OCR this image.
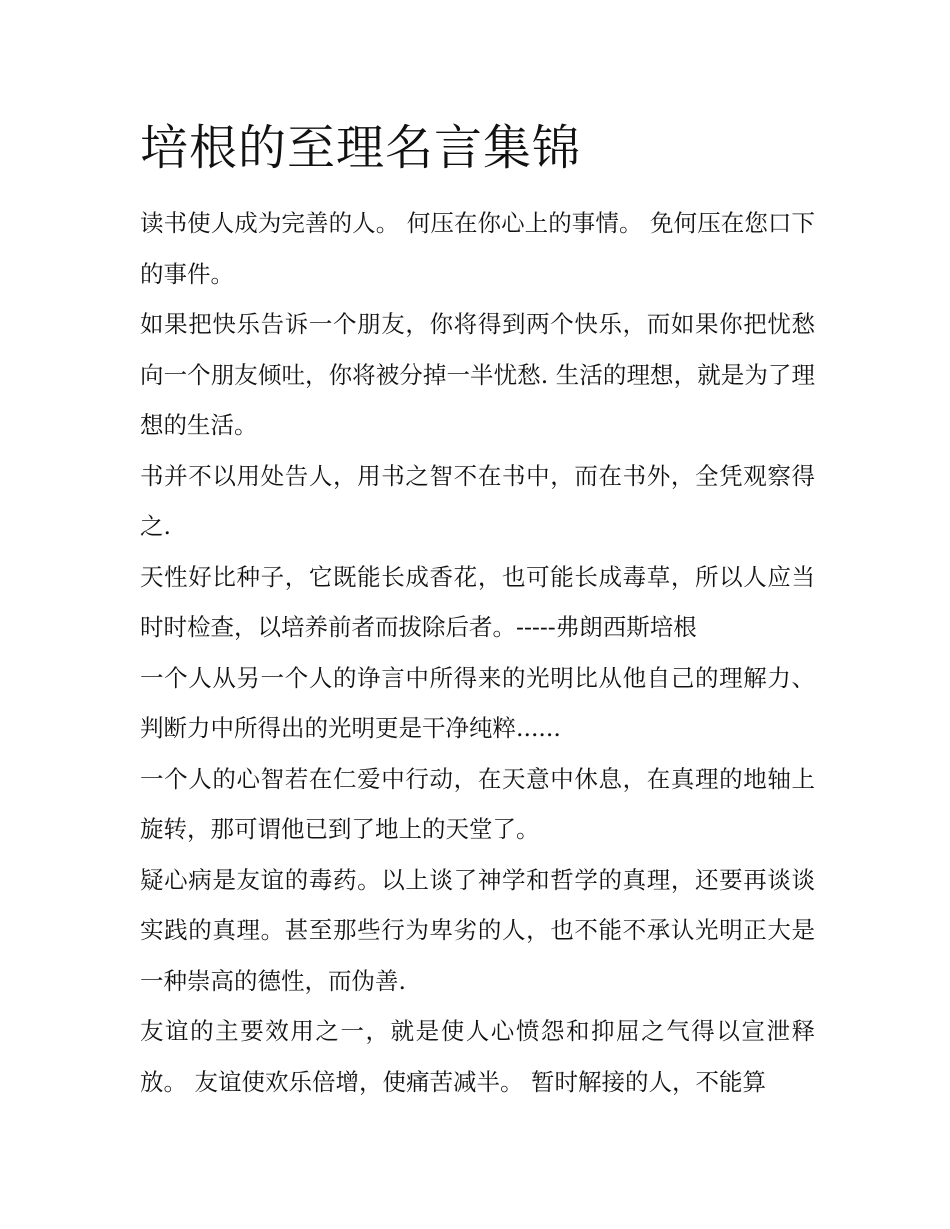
培根的至理名言集锦

读书使人成为完善的人。 何压在你心上的事情。 免何压在您口下的事件。

如果把快乐告诉一个朋友，你将得到两个快乐，而如果你把忧愁向一个朋友倾吐，你将被分掉一半忧愁. 生活的理想，就是为了理想的生活。

书并不以用处告人，用书之智不在书中，而在书外，全凭观察得之.

天性好比种子，它既能长成香花，也可能长成毒草，所以人应当时时检查，以培养前者而拔除后者。-----弗朗西斯培根

一个人从另一个人的诤言中所得来的光明比从他自己的理解力、判断力中所得出的光明更是干净纯粹......

一个人的心智若在仁爱中行动，在天意中休息，在真理的地轴上旋转，那可谓他已到了地上的天堂了。

疑心病是友谊的毒药。以上谈了神学和哲学的真理，还要再谈谈实践的真理。甚至那些行为卑劣的人，也不能不承认光明正大是一种崇高的德性，而伪善.

友谊的主要效用之一，就是使人心愤怨和抑屈之气得以宣泄释放。 友谊使欢乐倍增，使痛苦减半。 暂时解接的人，不能算
